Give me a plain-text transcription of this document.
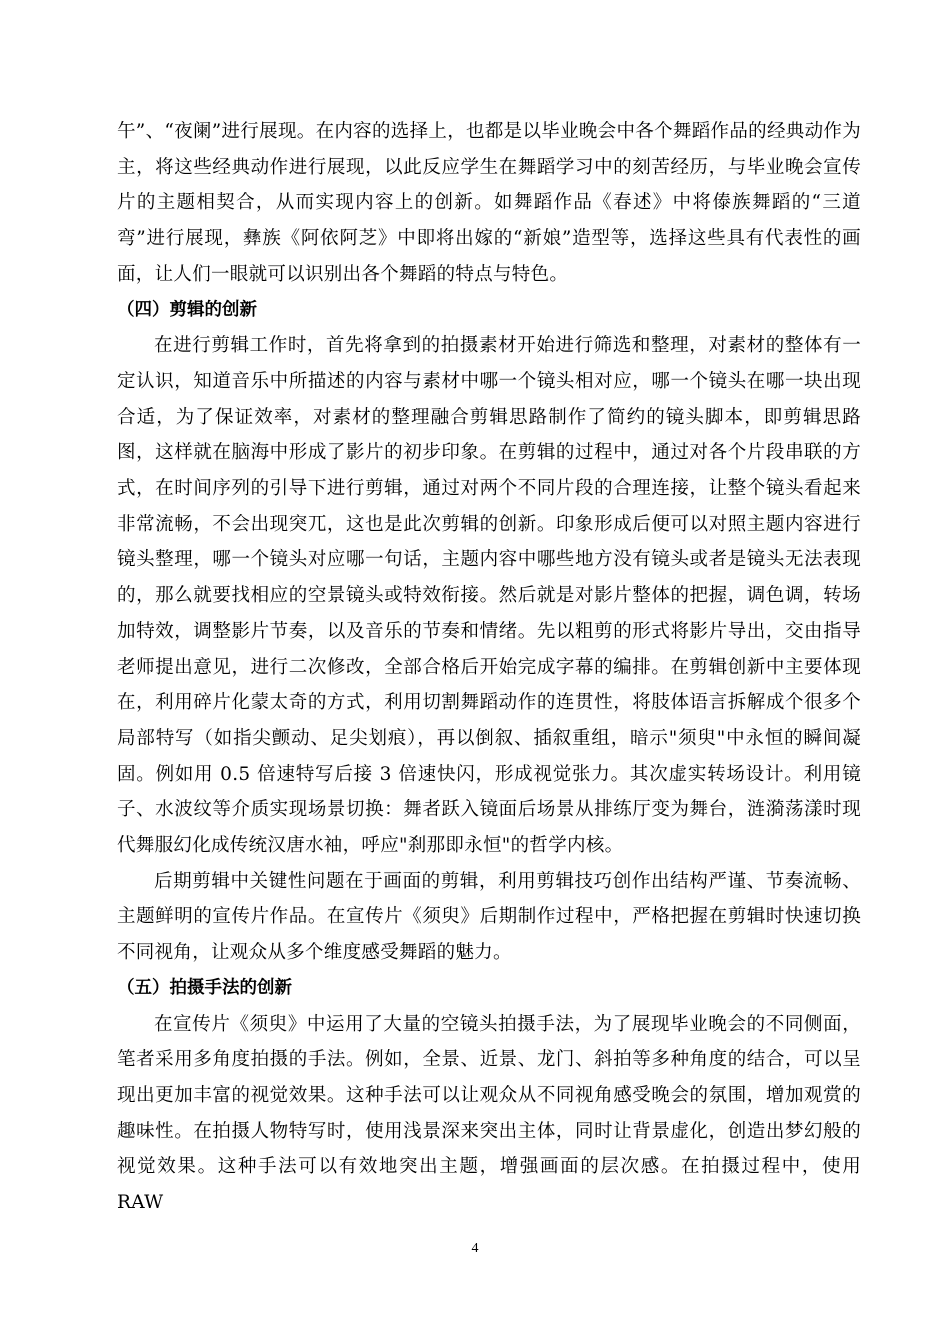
午”、“夜阑”进行展现。在内容的选择上，也都是以毕业晚会中各个舞蹈作品的经典动作为主，将这些经典动作进行展现，以此反应学生在舞蹈学习中的刻苦经历，与毕业晚会宣传片的主题相契合，从而实现内容上的创新。如舞蹈作品《春述》中将傣族舞蹈的“三道弯”进行展现，彝族《阿依阿芝》中即将出嫁的“新娘”造型等，选择这些具有代表性的画面，让人们一眼就可以识别出各个舞蹈的特点与特色。

（四）剪辑的创新

在进行剪辑工作时，首先将拿到的拍摄素材开始进行筛选和整理，对素材的整体有一定认识，知道音乐中所描述的内容与素材中哪一个镜头相对应，哪一个镜头在哪一块出现合适，为了保证效率，对素材的整理融合剪辑思路制作了简约的镜头脚本，即剪辑思路图，这样就在脑海中形成了影片的初步印象。在剪辑的过程中，通过对各个片段串联的方式，在时间序列的引导下进行剪辑，通过对两个不同片段的合理连接，让整个镜头看起来非常流畅，不会出现突兀，这也是此次剪辑的创新。印象形成后便可以对照主题内容进行镜头整理，哪一个镜头对应哪一句话，主题内容中哪些地方没有镜头或者是镜头无法表现的，那么就要找相应的空景镜头或特效衔接。然后就是对影片整体的把握，调色调，转场加特效，调整影片节奏，以及音乐的节奏和情绪。先以粗剪的形式将影片导出，交由指导老师提出意见，进行二次修改，全部合格后开始完成字幕的编排。在剪辑创新中主要体现在，利用碎片化蒙太奇的方式，利用切割舞蹈动作的连贯性，将肢体语言拆解成个很多个局部特写（如指尖颤动、足尖划痕），再以倒叙、插叙重组，暗示"须臾"中永恒的瞬间凝固。例如用 0.5 倍速特写后接 3 倍速快闪，形成视觉张力。其次虚实转场设计。利用镜子、水波纹等介质实现场景切换：舞者跃入镜面后场景从排练厅变为舞台，涟漪荡漾时现代舞服幻化成传统汉唐水袖，呼应"刹那即永恒"的哲学内核。

后期剪辑中关键性问题在于画面的剪辑，利用剪辑技巧创作出结构严谨、节奏流畅、主题鲜明的宣传片作品。在宣传片《须臾》后期制作过程中，严格把握在剪辑时快速切换不同视角，让观众从多个维度感受舞蹈的魅力。

（五）拍摄手法的创新

在宣传片《须臾》中运用了大量的空镜头拍摄手法，为了展现毕业晚会的不同侧面，笔者采用多角度拍摄的手法。例如，全景、近景、龙门、斜拍等多种角度的结合，可以呈现出更加丰富的视觉效果。这种手法可以让观众从不同视角感受晚会的氛围，增加观赏的趣味性。在拍摄人物特写时，使用浅景深来突出主体，同时让背景虚化，创造出梦幻般的视觉效果。这种手法可以有效地突出主题，增强画面的层次感。在拍摄过程中，使用 RAW

4
